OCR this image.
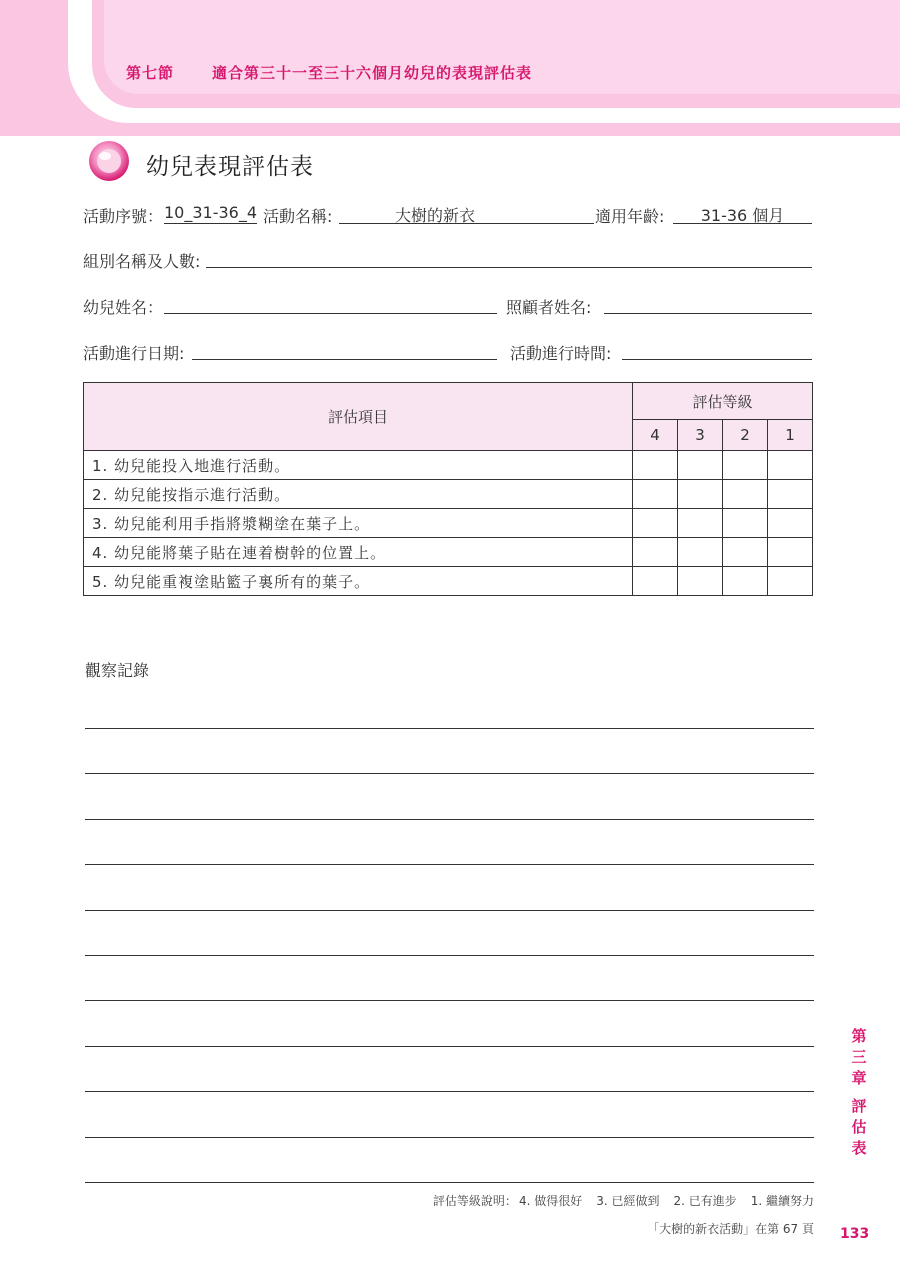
第七節	適合第三十一至三十六個月幼兒的表現評估表
幼兒表現評估表
活動序號： 10_31-36_4 活動名稱:	大樹的新衣	適用年齡:	31-36 個月
組別名稱及人數:
幼兒姓名：	照顧者姓名:
活動進行日期:	活動進行時間:
評估項目	評估等級			
	4	3	2	1
1. 幼兒能投入地進行活動。				
2. 幼兒能按指示進行活動。				
3. 幼兒能利用手指將漿糊塗在葉子上。				
4. 幼兒能將葉子貼在連着樹幹的位置上。				
5. 幼兒能重複塗貼籃子裏所有的葉子。				
觀察記錄
第
三
章
評
估
表
評估等級說明： 4. 做得很好 3. 已經做到 2. 已有進步 1. 繼續努力
「大樹的新衣活動」在第 67 頁 133
